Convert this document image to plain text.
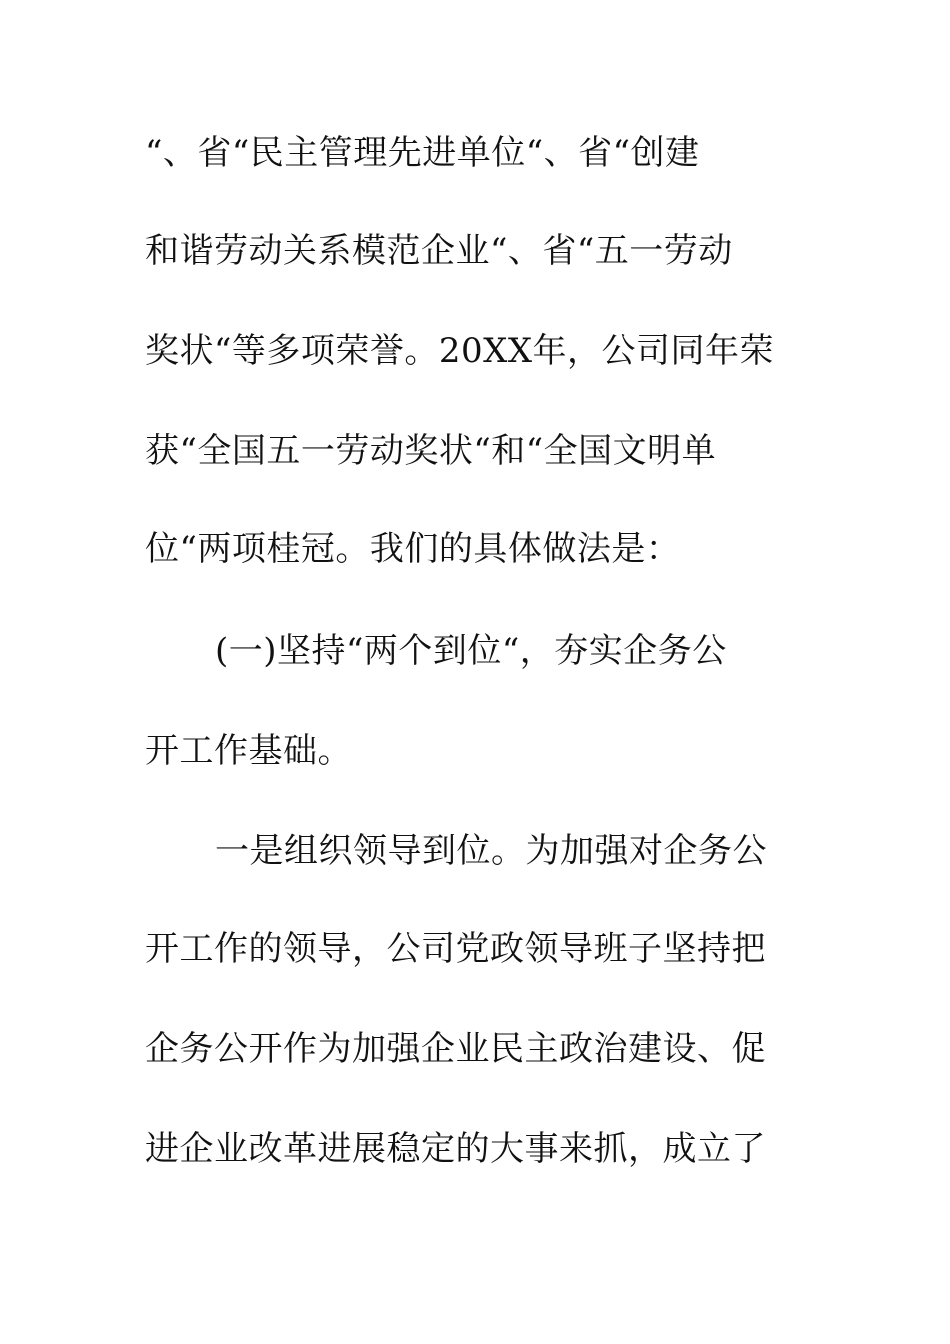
“、省“民主管理先进单位“、省“创建
和谐劳动关系模范企业“、省“五一劳动
奖状“等多项荣誉。20XX年，公司同年荣
获“全国五一劳动奖状“和“全国文明单
位“两项桂冠。我们的具体做法是：
(一)坚持“两个到位“，夯实企务公
开工作基础。
一是组织领导到位。为加强对企务公
开工作的领导，公司党政领导班子坚持把
企务公开作为加强企业民主政治建设、促
进企业改革进展稳定的大事来抓，成立了
